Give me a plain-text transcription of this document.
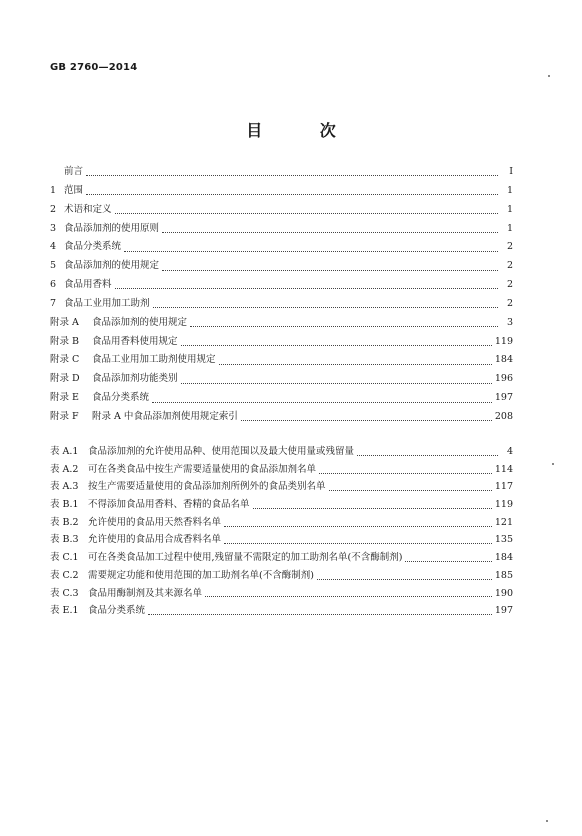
GB 2760—2014
目 次
前言	Ⅰ
1 范围	1
2 术语和定义	1
3 食品添加剂的使用原则	1
4 食品分类系统	2
5 食品添加剂的使用规定	2
6 食品用香料	2
7 食品工业用加工助剂	2
附录 A	食品添加剂的使用规定	3
附录 B	食品用香料使用规定	119
附录 C	食品工业用加工助剂使用规定	184
附录 D	食品添加剂功能类别	196
附录 E	食品分类系统	197
附录 F	附录 A 中食品添加剂使用规定索引	208
表 A.1	食品添加剂的允许使用品种、使用范围以及最大使用量或残留量	4
表 A.2	可在各类食品中按生产需要适量使用的食品添加剂名单	114
表 A.3	按生产需要适量使用的食品添加剂所例外的食品类别名单	117
表 B.1 不得添加食品用香料、香精的食品名单	119
表 B.2 允许使用的食品用天然香料名单	121
表 B.3 允许使用的食品用合成香料名单	135
表 C.1 可在各类食品加工过程中使用,残留量不需限定的加工助剂名单(不含酶制剂)	184
表 C.2 需要规定功能和使用范围的加工助剂名单(不含酶制剂)	185
表 C.3 食品用酶制剂及其来源名单	190
表 E.1 食品分类系统	197
